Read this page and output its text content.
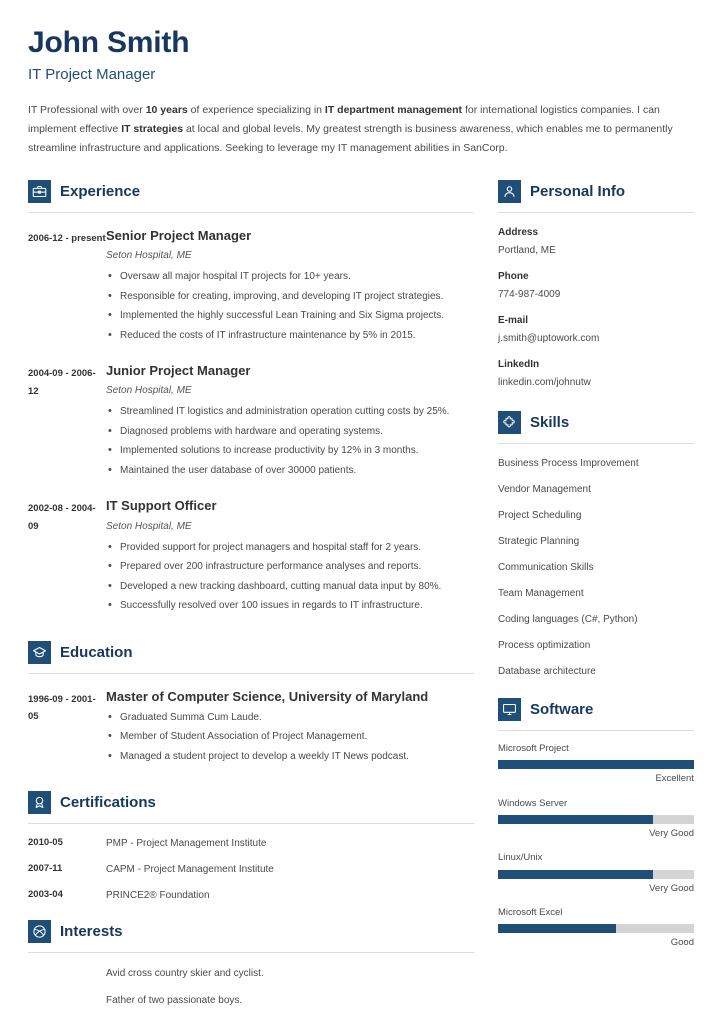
John Smith
IT Project Manager

IT Professional with over 10 years of experience specializing in IT department management for international logistics companies. I can implement effective IT strategies at local and global levels. My greatest strength is business awareness, which enables me to permanently streamline infrastructure and applications. Seeking to leverage my IT management abilities in SanCorp.

Experience
2006-12 - present Senior Project Manager
Seton Hospital, ME
• Oversaw all major hospital IT projects for 10+ years.
• Responsible for creating, improving, and developing IT project strategies.
• Implemented the highly successful Lean Training and Six Sigma projects.
• Reduced the costs of IT infrastructure maintenance by 5% in 2015.
2004-09 - 2006-12
Junior Project Manager
Seton Hospital, ME
• Streamlined IT logistics and administration operation cutting costs by 25%.
• Diagnosed problems with hardware and operating systems.
• Implemented solutions to increase productivity by 12% in 3 months.
• Maintained the user database of over 30000 patients.
2002-08 - 2004-09
IT Support Officer
Seton Hospital, ME
• Provided support for project managers and hospital staff for 2 years.
• Prepared over 200 infrastructure performance analyses and reports.
• Developed a new tracking dashboard, cutting manual data input by 80%.
• Successfully resolved over 100 issues in regards to IT infrastructure.
Education
1996-09 - 2001-05
Master of Computer Science, University of Maryland
• Graduated Summa Cum Laude.
• Member of Student Association of Project Management.
• Managed a student project to develop a weekly IT News podcast.
Certifications
2010-05	PMP - Project Management Institute
2007-11	CAPM - Project Management Institute
2003-04	PRINCE2® Foundation
Interests
Avid cross country skier and cyclist.
Father of two passionate boys.
Personal Info
Address
Portland, ME
Phone
774-987-4009
E-mail
j.smith@uptowork.com
LinkedIn
linkedin.com/johnutw
Skills
Business Process Improvement
Vendor Management
Project Scheduling
Strategic Planning
Communication Skills
Team Management
Coding languages (C#, Python)
Process optimization
Database architecture
Software
Microsoft Project
Excellent
Windows Server
Very Good
Linux/Unix
Very Good
Microsoft Excel
Good
